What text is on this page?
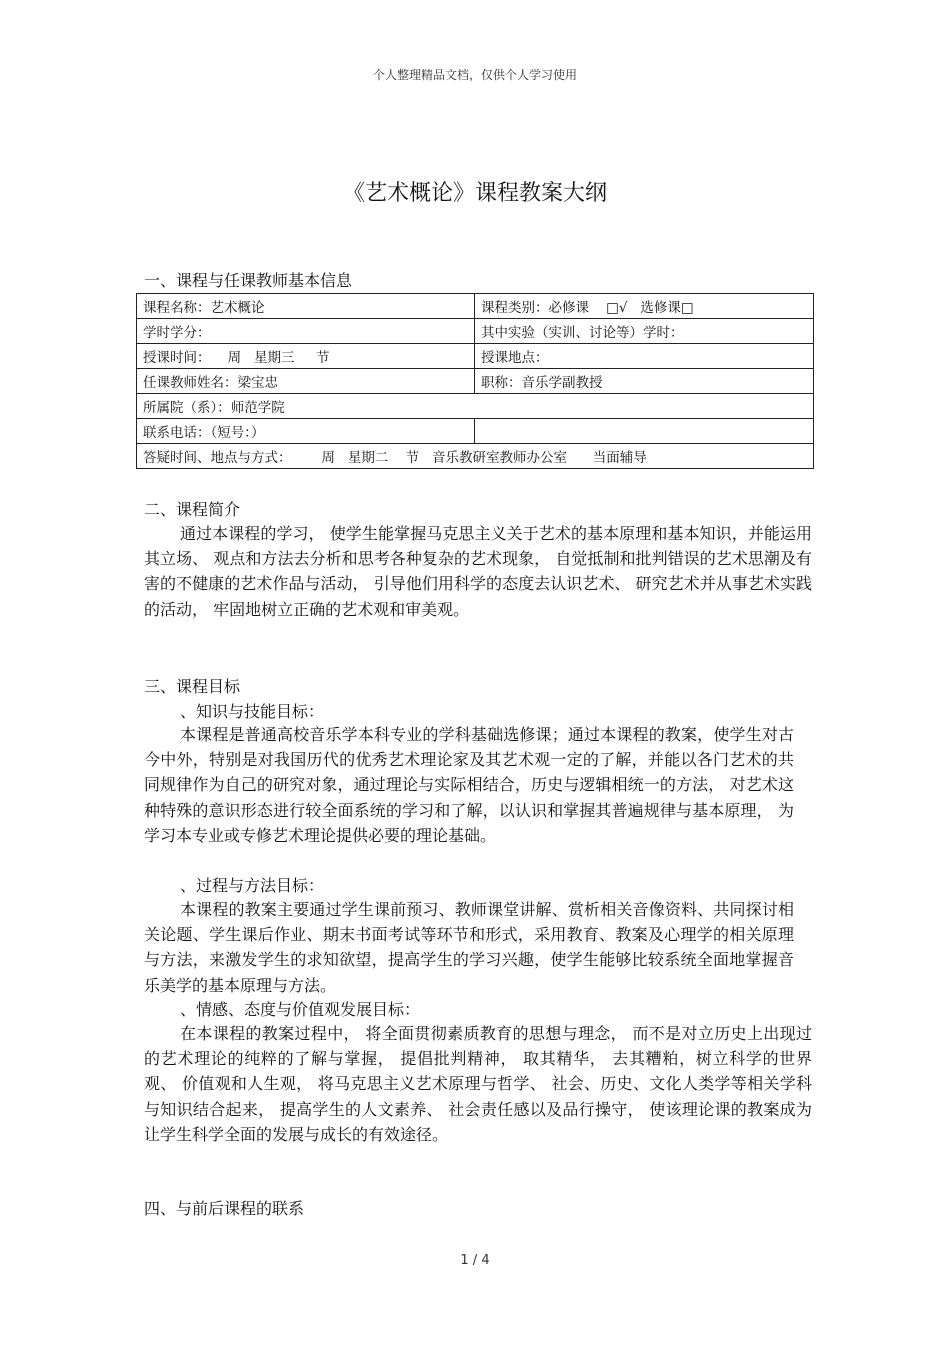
个人整理精品文档，仅供个人学习使用
《艺术概论》课程教案大纲
一、课程与任课教师基本信息
课程名称：艺术概论	课程类别：必修课    □√   选修课□
学时学分：	其中实验（实训、讨论等）学时：
授课时间：    周   星期三     节	授课地点：
任课教师姓名：梁宝忠	职称：音乐学副教授
所属院（系）：师范学院	
联系电话：（短号：）	
答疑时间、地点与方式：       周   星期二    节   音乐教研室教师办公室      当面辅导	
二、课程简介

通过本课程的学习， 使学生能掌握马克思主义关于艺术的基本原理和基本知识，并能运用其立场、 观点和方法去分析和思考各种复杂的艺术现象， 自觉抵制和批判错误的艺术思潮及有害的不健康的艺术作品与活动， 引导他们用科学的态度去认识艺术、 研究艺术并从事艺术实践的活动， 牢固地树立正确的艺术观和审美观。

三、课程目标
、知识与技能目标：

本课程是普通高校音乐学本科专业的学科基础选修课；通过本课程的教案，使学生对古今中外，特别是对我国历代的优秀艺术理论家及其艺术观一定的了解，并能以各门艺术的共同规律作为自己的研究对象，通过理论与实际相结合，历史与逻辑相统一的方法， 对艺术这种特殊的意识形态进行较全面系统的学习和了解，以认识和掌握其普遍规律与基本原理， 为学习本专业或专修艺术理论提供必要的理论基础。

、过程与方法目标：

本课程的教案主要通过学生课前预习、教师课堂讲解、赏析相关音像资料、共同探讨相关论题、学生课后作业、期末书面考试等环节和形式，采用教育、教案及心理学的相关原理与方法，来激发学生的求知欲望，提高学生的学习兴趣，使学生能够比较系统全面地掌握音乐美学的基本原理与方法。

、情感、态度与价值观发展目标：

在本课程的教案过程中， 将全面贯彻素质教育的思想与理念， 而不是对立历史上出现过的艺术理论的纯粹的了解与掌握， 提倡批判精神， 取其精华， 去其糟粕，树立科学的世界观、 价值观和人生观， 将马克思主义艺术原理与哲学、 社会、历史、文化人类学等相关学科与知识结合起来， 提高学生的人文素养、 社会责任感以及品行操守， 使该理论课的教案成为让学生科学全面的发展与成长的有效途径。

四、与前后课程的联系
1 / 4
